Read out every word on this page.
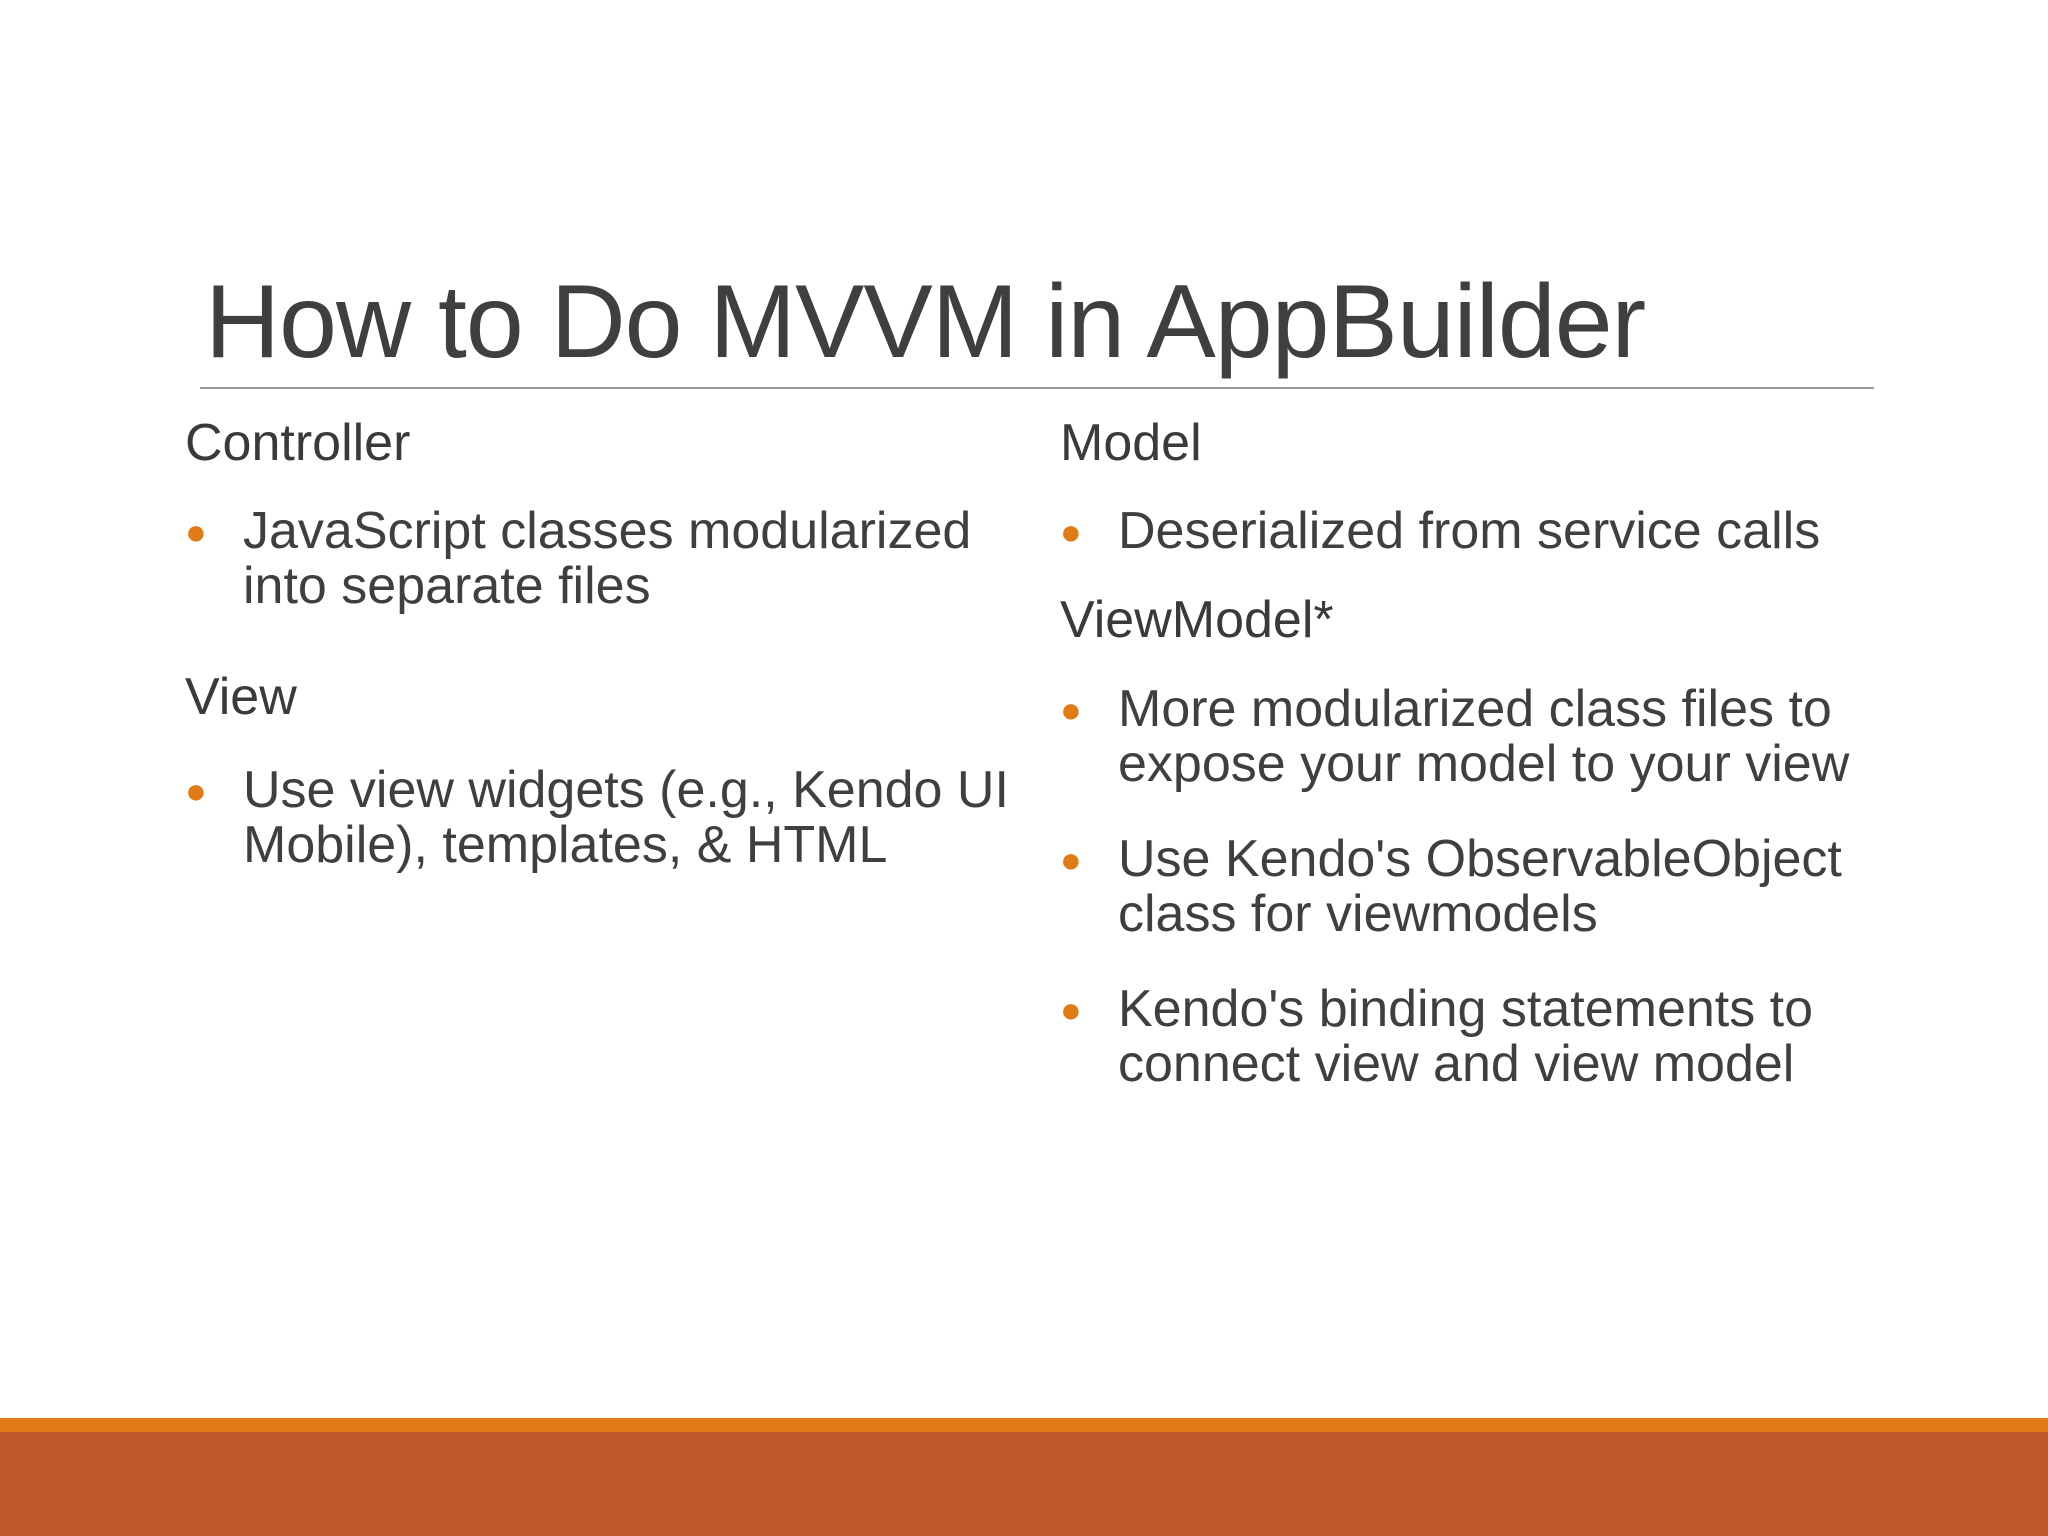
How to Do MVVM in AppBuilder
Controller
● JavaScript classes modularized into separate files
View
● Use view widgets (e.g., Kendo UI Mobile), templates, & HTML
Model
● Deserialized from service calls
ViewModel*
● More modularized class files to expose your model to your view
● Use Kendo's ObservableObject class for viewmodels
● Kendo's binding statements to connect view and view model
